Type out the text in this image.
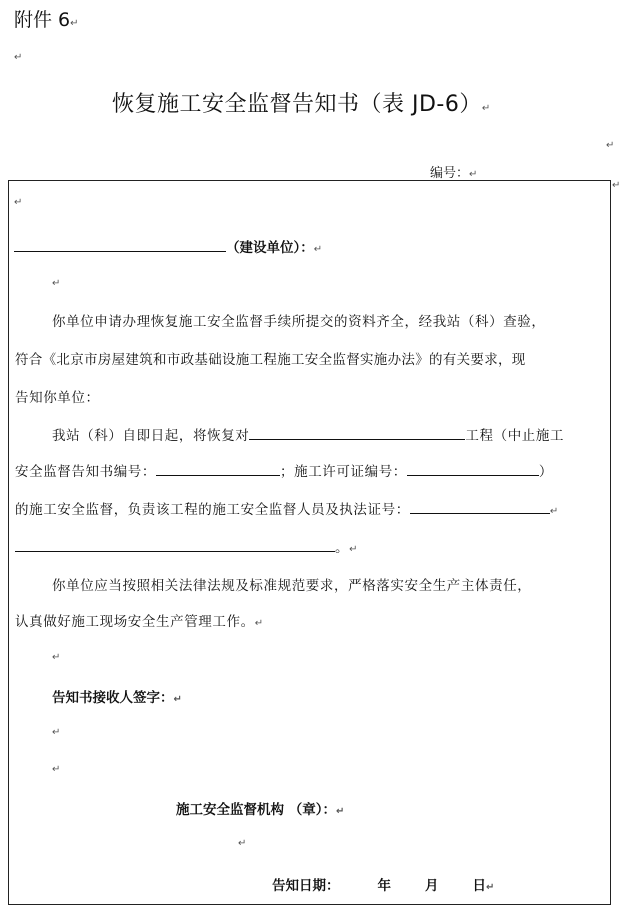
附件 6↵
↵
恢复施工安全监督告知书（表 JD-6）↵
↵
编号：↵
↵
↵
（建设单位）：↵
↵
你单位申请办理恢复施工安全监督手续所提交的资料齐全，经我站（科）查验，
符合《北京市房屋建筑和市政基础设施工程施工安全监督实施办法》的有关要求，现
告知你单位：
我站（科）自即日起，将恢复对	工程（中止施工
安全监督告知书编号：	；施工许可证编号：	）
的施工安全监督，负责该工程的施工安全监督人员及执法证号：	↵
。↵
你单位应当按照相关法律法规及标准规范要求，严格落实安全生产主体责任，
认真做好施工现场安全生产管理工作。↵
↵
告知书接收人签字：↵
↵
↵
施工安全监督机构 （章）：↵
↵
告知日期：	年	月	日↵
